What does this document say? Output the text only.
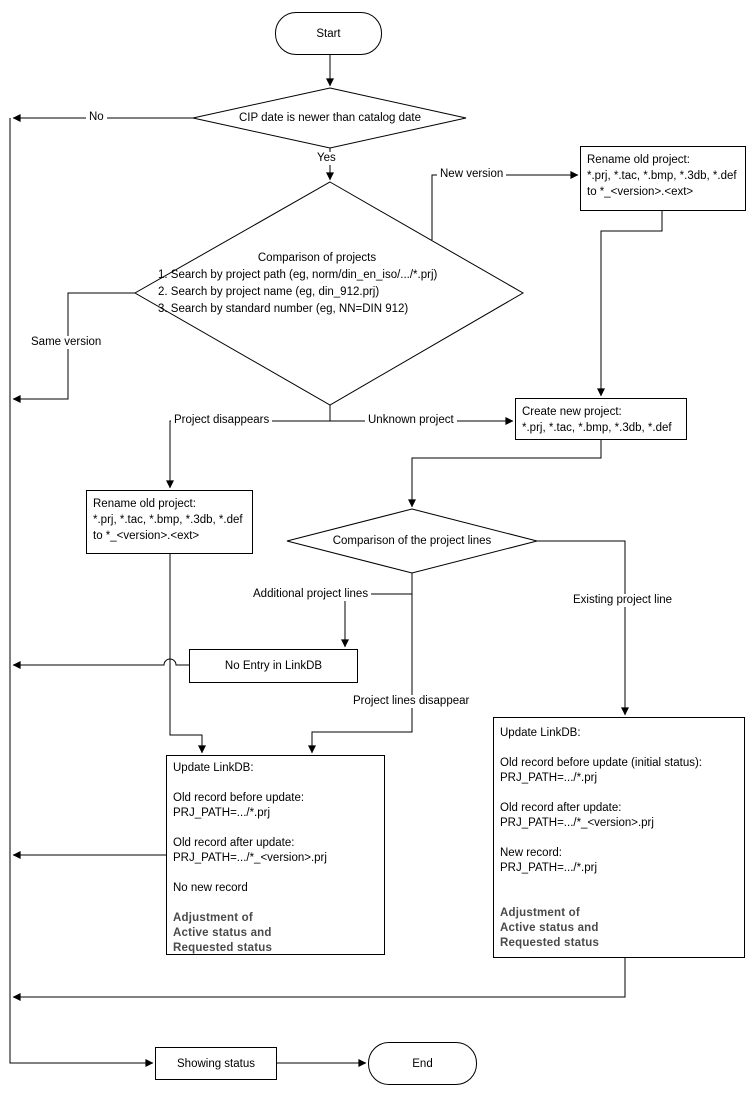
Start
End
CIP date is newer than catalog date
Comparison of projects
1. Search by project path (eg, norm/din_en_iso/.../*.prj)
2. Search by project name (eg, din_912.prj)
3. Search by standard number (eg, NN=DIN 912)
Comparison of the project lines
Rename old project:
*.prj, *.tac, *.bmp, *.3db, *.def
to *_<version>.<ext>
Create new project:
*.prj, *.tac, *.bmp, *.3db, *.def
Rename old project:
*.prj, *.tac, *.bmp, *.3db, *.def
to *_<version>.<ext>
No Entry in LinkDB
Update LinkDB:
Old record before update:
PRJ_PATH=.../*.prj
Old record after update:
PRJ_PATH=.../*_<version>.prj
No new record
Adjustment of
Active status and
Requested status
Update LinkDB:
Old record before update (initial status):
PRJ_PATH=.../*.prj
Old record after update:
PRJ_PATH=.../*_<version>.prj
New record:
PRJ_PATH=.../*.prj
Adjustment of
Active status and
Requested status
Showing status
No
Yes
New version
Same version
Project disappears	Unknown project
Additional project lines
Project lines disappear
Existing project line
